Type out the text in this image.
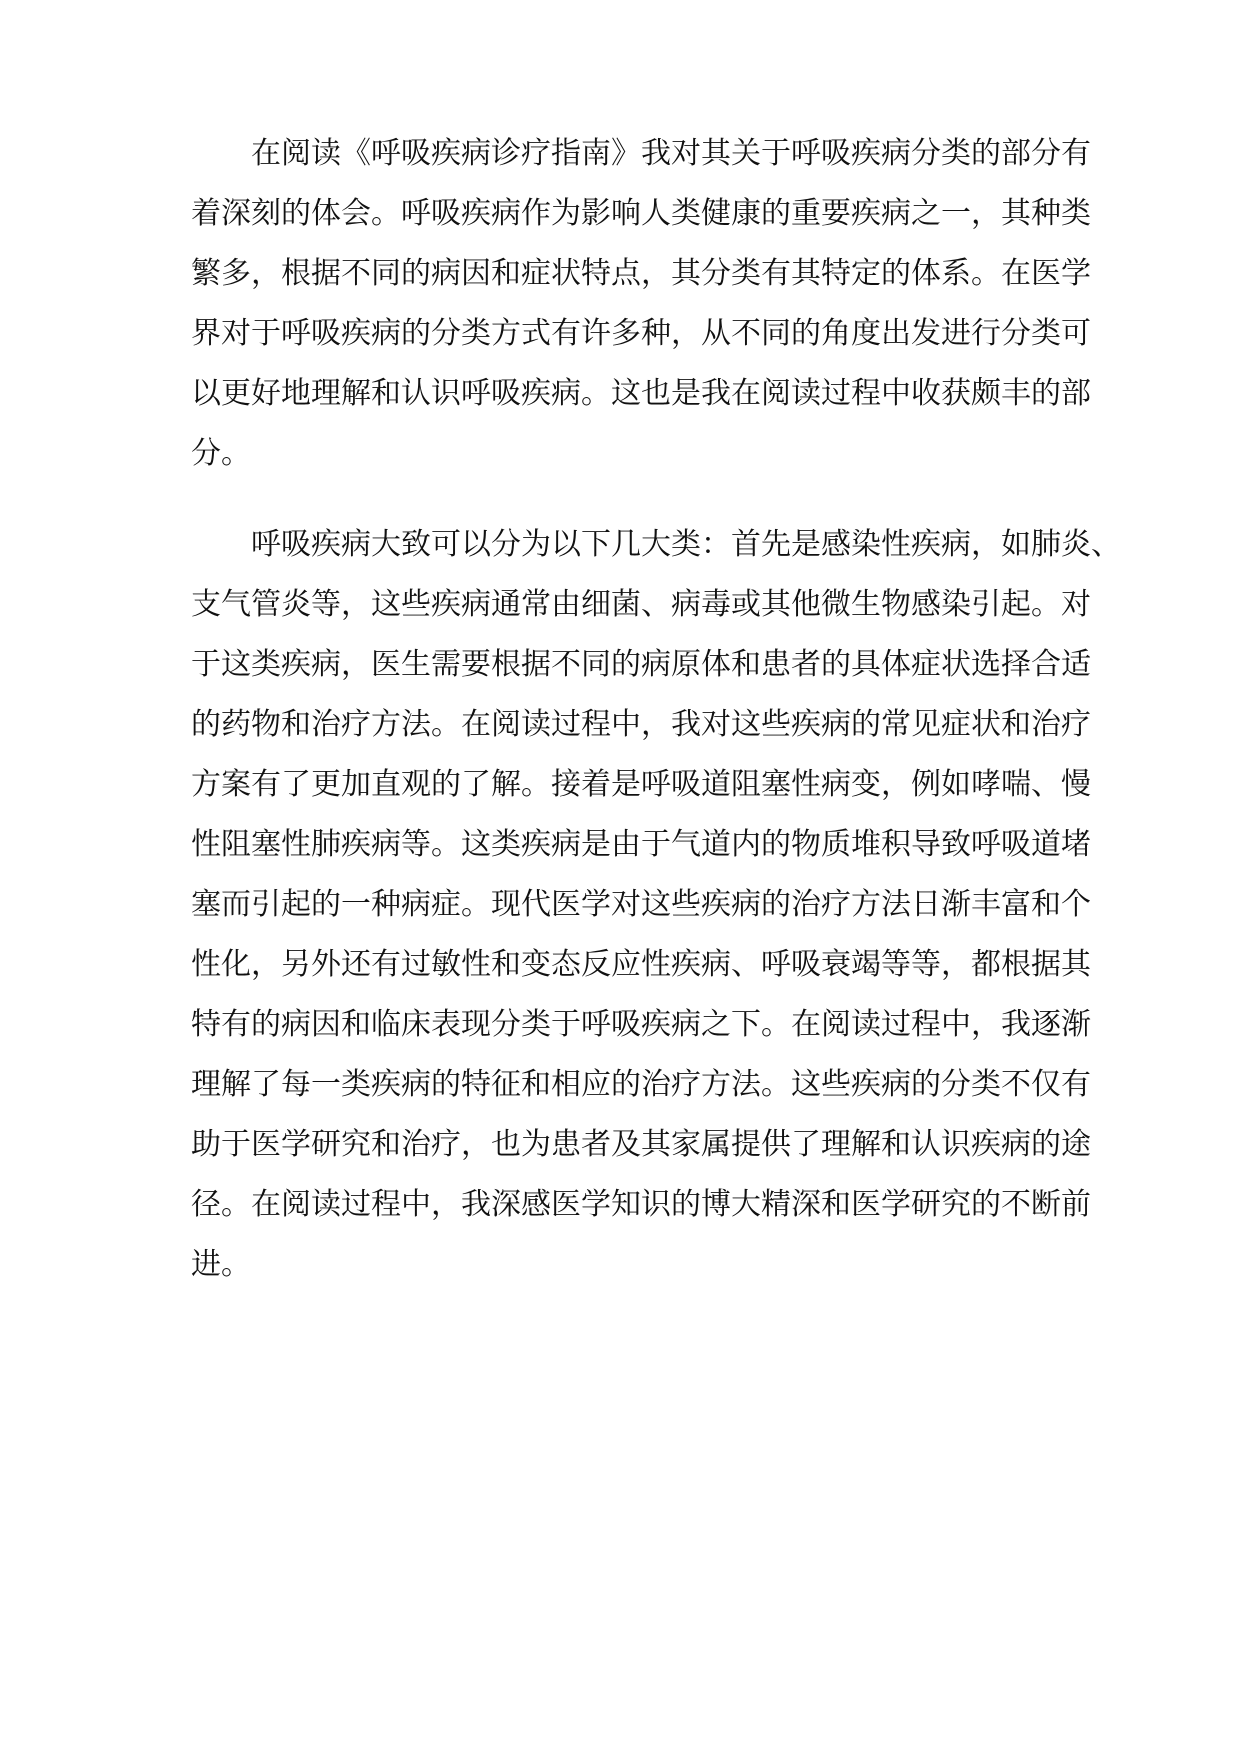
在阅读《呼吸疾病诊疗指南》我对其关于呼吸疾病分类的部分有
着深刻的体会。呼吸疾病作为影响人类健康的重要疾病之一，其种类
繁多，根据不同的病因和症状特点，其分类有其特定的体系。在医学
界对于呼吸疾病的分类方式有许多种，从不同的角度出发进行分类可
以更好地理解和认识呼吸疾病。这也是我在阅读过程中收获颇丰的部
分。
呼吸疾病大致可以分为以下几大类：首先是感染性疾病，如肺炎、
支气管炎等，这些疾病通常由细菌、病毒或其他微生物感染引起。对
于这类疾病，医生需要根据不同的病原体和患者的具体症状选择合适
的药物和治疗方法。在阅读过程中，我对这些疾病的常见症状和治疗
方案有了更加直观的了解。接着是呼吸道阻塞性病变，例如哮喘、慢
性阻塞性肺疾病等。这类疾病是由于气道内的物质堆积导致呼吸道堵
塞而引起的一种病症。现代医学对这些疾病的治疗方法日渐丰富和个
性化，另外还有过敏性和变态反应性疾病、呼吸衰竭等等，都根据其
特有的病因和临床表现分类于呼吸疾病之下。在阅读过程中，我逐渐
理解了每一类疾病的特征和相应的治疗方法。这些疾病的分类不仅有
助于医学研究和治疗，也为患者及其家属提供了理解和认识疾病的途
径。在阅读过程中，我深感医学知识的博大精深和医学研究的不断前
进。
